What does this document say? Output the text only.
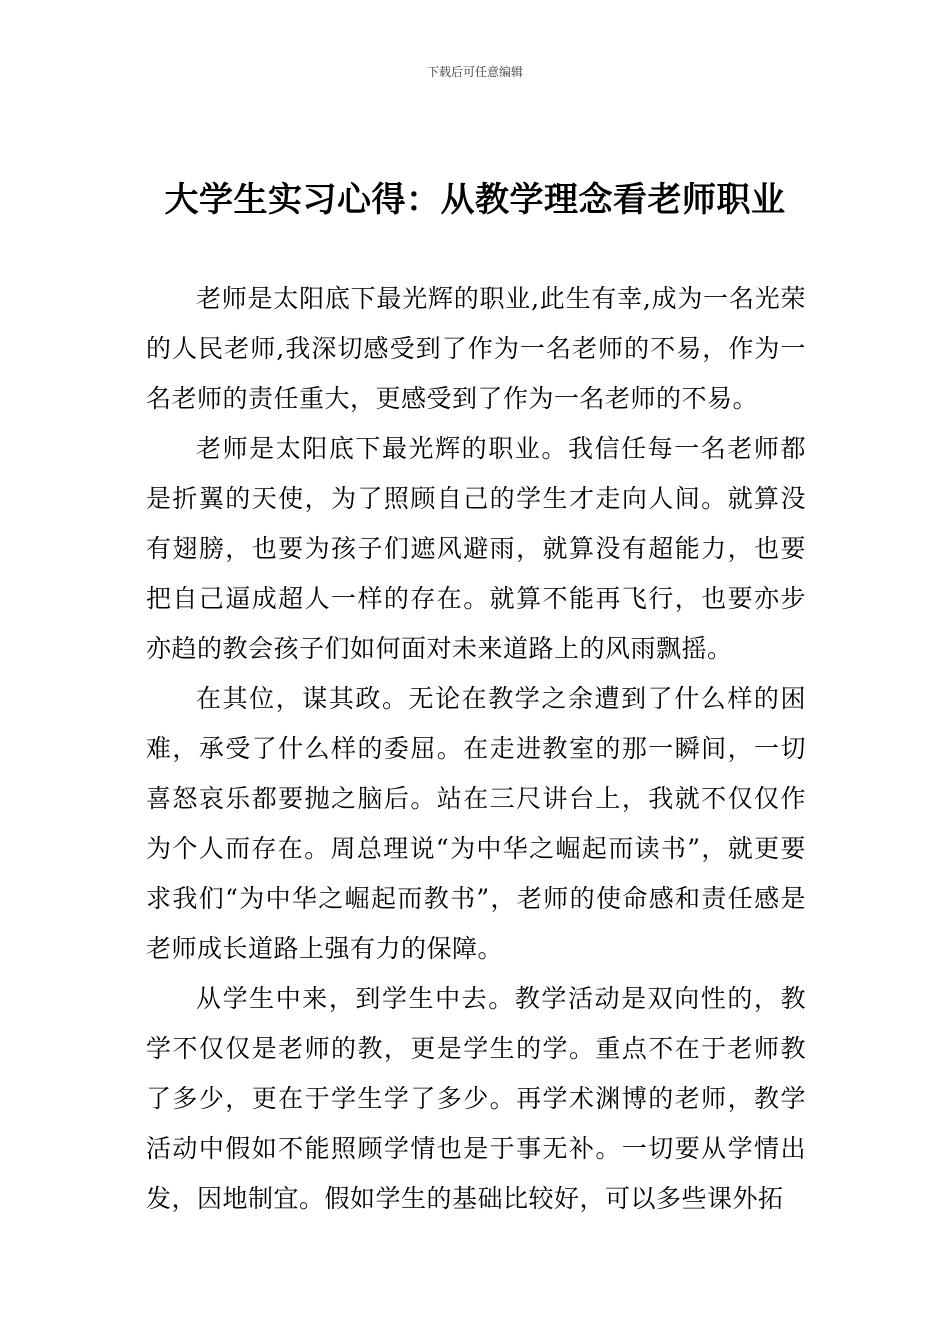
下载后可任意编辑
大学生实习心得：从教学理念看老师职业

老师是太阳底下最光辉的职业,此生有幸,成为一名光荣的人民老师,我深切感受到了作为一名老师的不易，作为一名老师的责任重大，更感受到了作为一名老师的不易。

老师是太阳底下最光辉的职业。我信任每一名老师都是折翼的天使，为了照顾自己的学生才走向人间。就算没有翅膀，也要为孩子们遮风避雨，就算没有超能力，也要把自己逼成超人一样的存在。就算不能再飞行，也要亦步亦趋的教会孩子们如何面对未来道路上的风雨飘摇。

在其位，谋其政。无论在教学之余遭到了什么样的困难，承受了什么样的委屈。在走进教室的那一瞬间，一切喜怒哀乐都要抛之脑后。站在三尺讲台上，我就不仅仅作为个人而存在。周总理说“为中华之崛起而读书”，就更要求我们“为中华之崛起而教书”，老师的使命感和责任感是老师成长道路上强有力的保障。

从学生中来，到学生中去。教学活动是双向性的，教学不仅仅是老师的教，更是学生的学。重点不在于老师教了多少，更在于学生学了多少。再学术渊博的老师，教学活动中假如不能照顾学情也是于事无补。一切要从学情出发，因地制宜。假如学生的基础比较好，可以多些课外拓
